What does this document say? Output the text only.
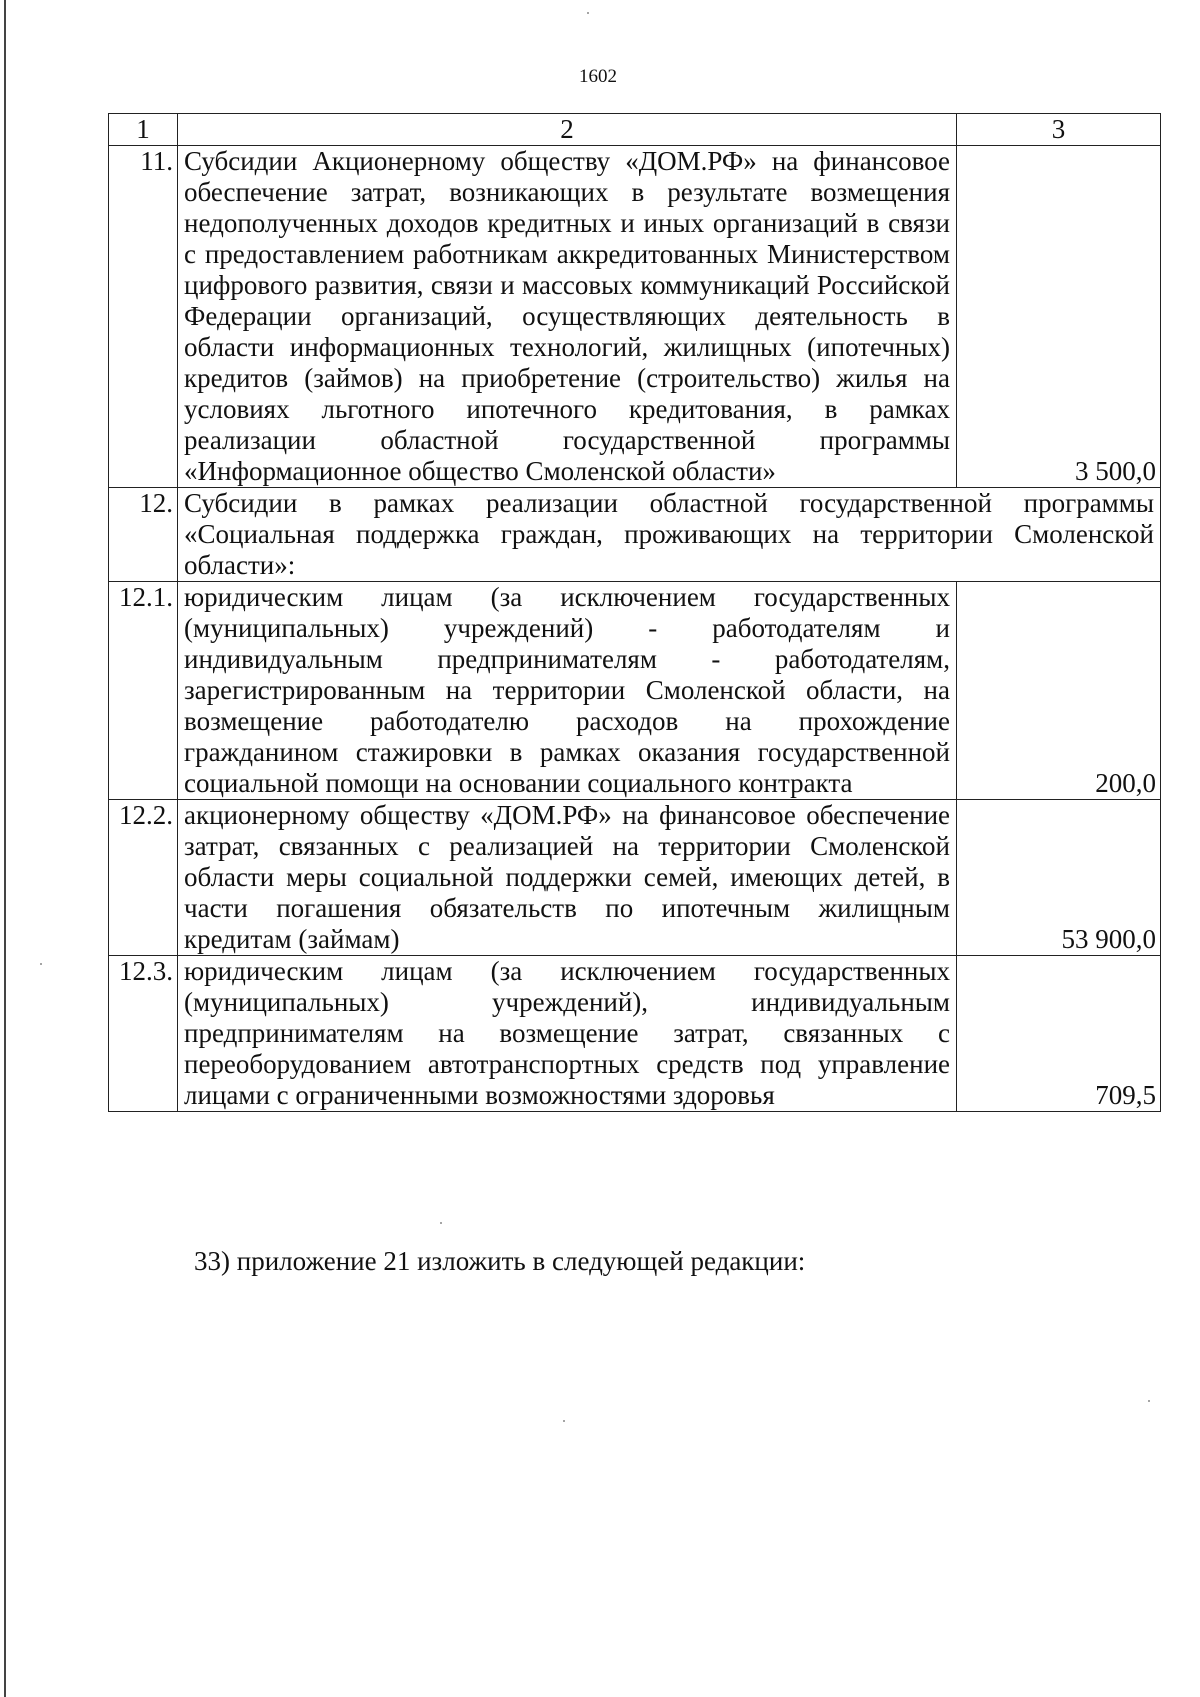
1602
1	2	3
11.	Субсидии Акционерному обществу «ДОМ.РФ» на финансовое обеспечение затрат, возникающих в результате возмещения недополученных доходов кредитных и иных организаций в связи с предоставлением работникам аккредитованных Министерством цифрового развития, связи и массовых коммуникаций Российской Федерации организаций, осуществляющих деятельность в области информационных технологий, жилищных (ипотечных) кредитов (займов) на приобретение (строительство) жилья на условиях льготного ипотечного кредитования, в рамках реализации областной государственной программы «Информационное общество Смоленской области»	3 500,0
12.	Субсидии в рамках реализации областной государственной программы «Социальная поддержка граждан, проживающих на территории Смоленской области»:	
12.1.	юридическим лицам (за исключением государственных (муниципальных) учреждений) - работодателям и индивидуальным предпринимателям - работодателям, зарегистрированным на территории Смоленской области, на возмещение работодателю расходов на прохождение гражданином стажировки в рамках оказания государственной социальной помощи на основании социального контракта	200,0
12.2.	акционерному обществу «ДОМ.РФ» на финансовое обеспечение затрат, связанных с реализацией на территории Смоленской области меры социальной поддержки семей, имеющих детей, в части погашения обязательств по ипотечным жилищным кредитам (займам)	53 900,0
12.3.	юридическим лицам (за исключением государственных (муниципальных) учреждений), индивидуальным предпринимателям на возмещение затрат, связанных с переоборудованием автотранспортных средств под управление лицами с ограниченными возможностями здоровья	709,5
33) приложение 21 изложить в следующей редакции:
